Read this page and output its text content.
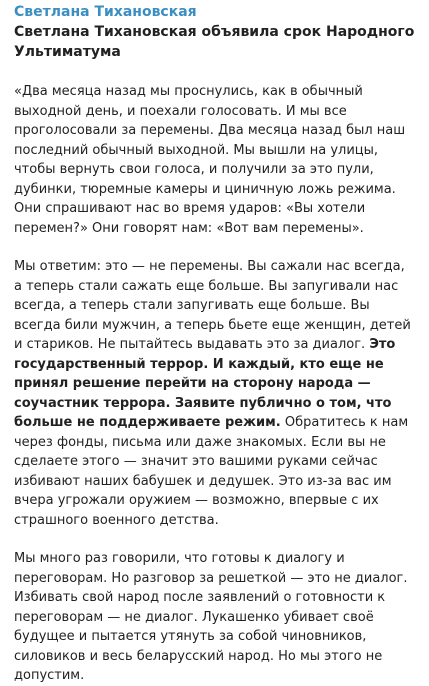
Светлана Тихановская
Светлана Тихановская объявила срок Народного Ультиматума

«Два месяца назад мы проснулись, как в обычный выходной день, и поехали голосовать. И мы все проголосовали за перемены. Два месяца назад был наш последний обычный выходной. Мы вышли на улицы, чтобы вернуть свои голоса, и получили за это пули, дубинки, тюремные камеры и циничную ложь режима. Они спрашивают нас во время ударов: «Вы хотели перемен?» Они говорят нам: «Вот вам перемены».

Мы ответим: это — не перемены. Вы сажали нас всегда, а теперь стали сажать еще больше. Вы запугивали нас всегда, а теперь стали запугивать еще больше. Вы всегда били мужчин, а теперь бьете еще женщин, детей и стариков. Не пытайтесь выдавать это за диалог. Это государственный террор. И каждый, кто еще не принял решение перейти на сторону народа — соучастник террора. Заявите публично о том, что больше не поддерживаете режим. Обратитесь к нам через фонды, письма или даже знакомых. Если вы не сделаете этого — значит это вашими руками сейчас избивают наших бабушек и дедушек. Это из-за вас им вчера угрожали оружием — возможно, впервые с их страшного военного детства.

Мы много раз говорили, что готовы к диалогу и переговорам. Но разговор за решеткой — это не диалог. Избивать свой народ после заявлений о готовности к переговорам — не диалог. Лукашенко убивает своё будущее и пытается утянуть за собой чиновников, силовиков и весь беларусский народ. Но мы этого не допустим.
